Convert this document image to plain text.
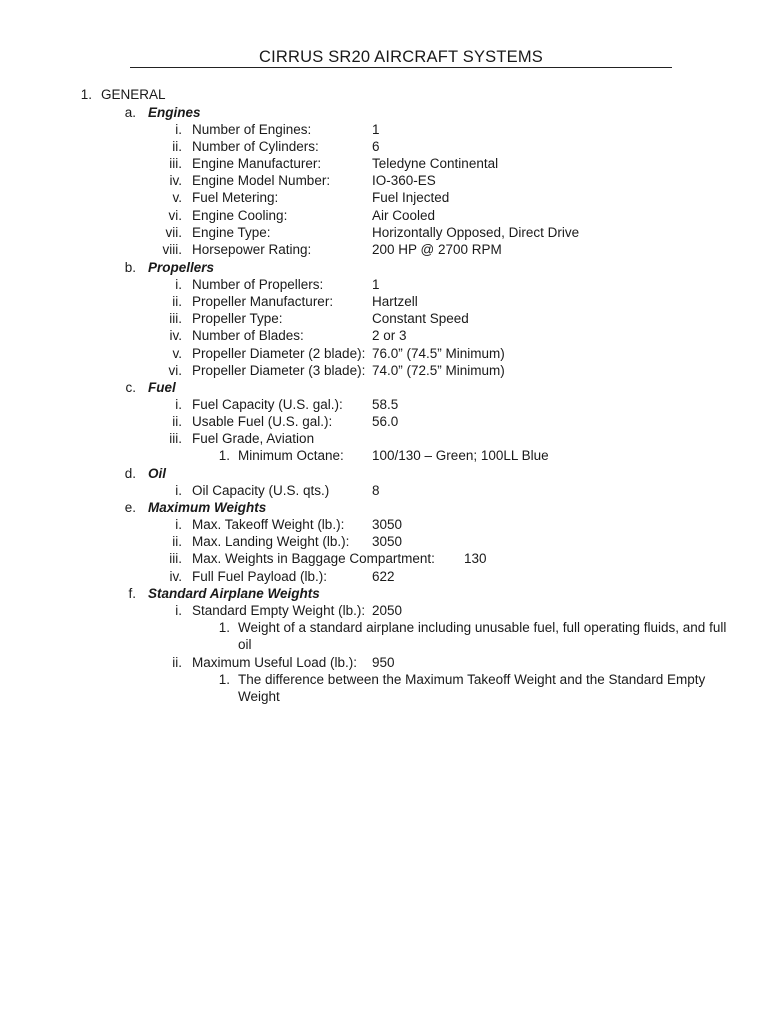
CIRRUS SR20 AIRCRAFT SYSTEMS
1. GENERAL
a. Engines
i. Number of Engines:	1
ii. Number of Cylinders:	6
iii. Engine Manufacturer:	Teledyne Continental
iv. Engine Model Number:	IO-360-ES
v. Fuel Metering:	Fuel Injected
vi. Engine Cooling:	Air Cooled
vii. Engine Type:	Horizontally Opposed, Direct Drive
viii. Horsepower Rating:	200 HP @ 2700 RPM
b. Propellers
i. Number of Propellers:	1
ii. Propeller Manufacturer:	Hartzell
iii. Propeller Type:	Constant Speed
iv. Number of Blades:	2 or 3
v. Propeller Diameter (2 blade): 76.0” (74.5” Minimum)
vi. Propeller Diameter (3 blade): 74.0” (72.5” Minimum)
c. Fuel
i. Fuel Capacity (U.S. gal.): 58.5
ii. Usable Fuel (U.S. gal.):	56.0
iii. Fuel Grade, Aviation
1. Minimum Octane: 100/130 – Green; 100LL Blue
d. Oil
i. Oil Capacity (U.S. qts.)	8
e. Maximum Weights
i. Max. Takeoff Weight (lb.): 3050
ii. Max. Landing Weight (lb.): 3050
iii. Max. Weights in Baggage Compartment: 130
iv. Full Fuel Payload (lb.):	622
f. Standard Airplane Weights
i. Standard Empty Weight (lb.): 2050
1. Weight of a standard airplane including unusable fuel, full operating fluids, and full
oil
ii. Maximum Useful Load (lb.): 950
1. The difference between the Maximum Takeoff Weight and the Standard Empty
Weight
